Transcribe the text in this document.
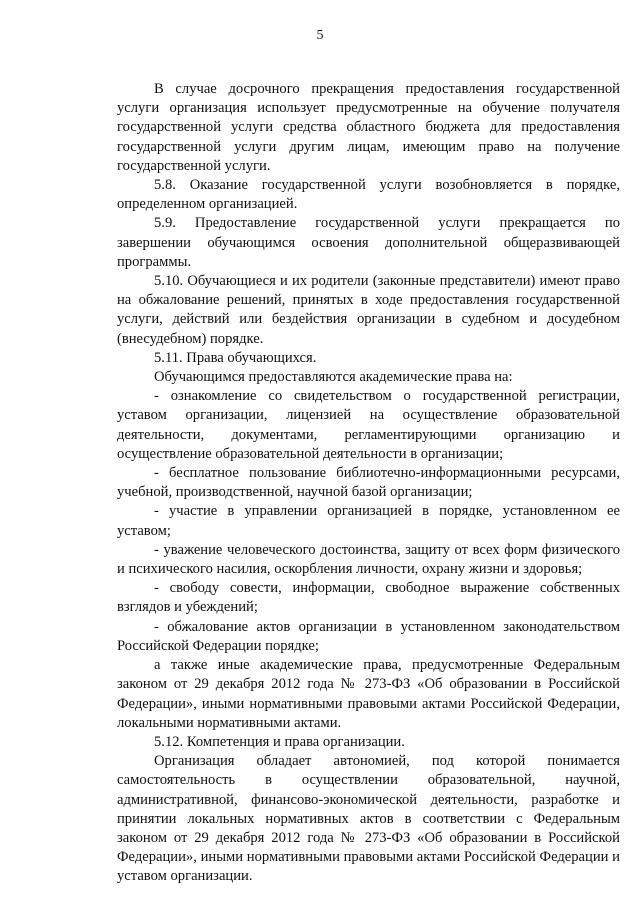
5

В случае досрочного прекращения предоставления государственной услуги организация использует предусмотренные на обучение получателя государственной услуги средства областного бюджета для предоставления государственной услуги другим лицам, имеющим право на получение государственной услуги.

5.8. Оказание государственной услуги возобновляется в порядке, определенном организацией.

5.9. Предоставление государственной услуги прекращается по завершении обучающимся освоения дополнительной общеразвивающей программы.

5.10. Обучающиеся и их родители (законные представители) имеют право на обжалование решений, принятых в ходе предоставления государственной услуги, действий или бездействия организации в судебном и досудебном (внесудебном) порядке.

5.11. Права обучающихся.

Обучающимся предоставляются академические права на:

- ознакомление со свидетельством о государственной регистрации, уставом организации, лицензией на осуществление образовательной деятельности, документами, регламентирующими организацию и осуществление образовательной деятельности в организации;

- бесплатное пользование библиотечно-информационными ресурсами, учебной, производственной, научной базой организации;

- участие в управлении организацией в порядке, установленном ее уставом;

- уважение человеческого достоинства, защиту от всех форм физического и психического насилия, оскорбления личности, охрану жизни и здоровья;

- свободу совести, информации, свободное выражение собственных взглядов и убеждений;

- обжалование актов организации в установленном законодательством Российской Федерации порядке;

а также иные академические права, предусмотренные Федеральным законом от 29 декабря 2012 года № 273-ФЗ «Об образовании в Российской Федерации», иными нормативными правовыми актами Российской Федерации, локальными нормативными актами.

5.12. Компетенция и права организации.

Организация обладает автономией, под которой понимается самостоятельность в осуществлении образовательной, научной, административной, финансово-экономической деятельности, разработке и принятии локальных нормативных актов в соответствии с Федеральным законом от 29 декабря 2012 года № 273-ФЗ «Об образовании в Российской Федерации», иными нормативными правовыми актами Российской Федерации и уставом организации.
